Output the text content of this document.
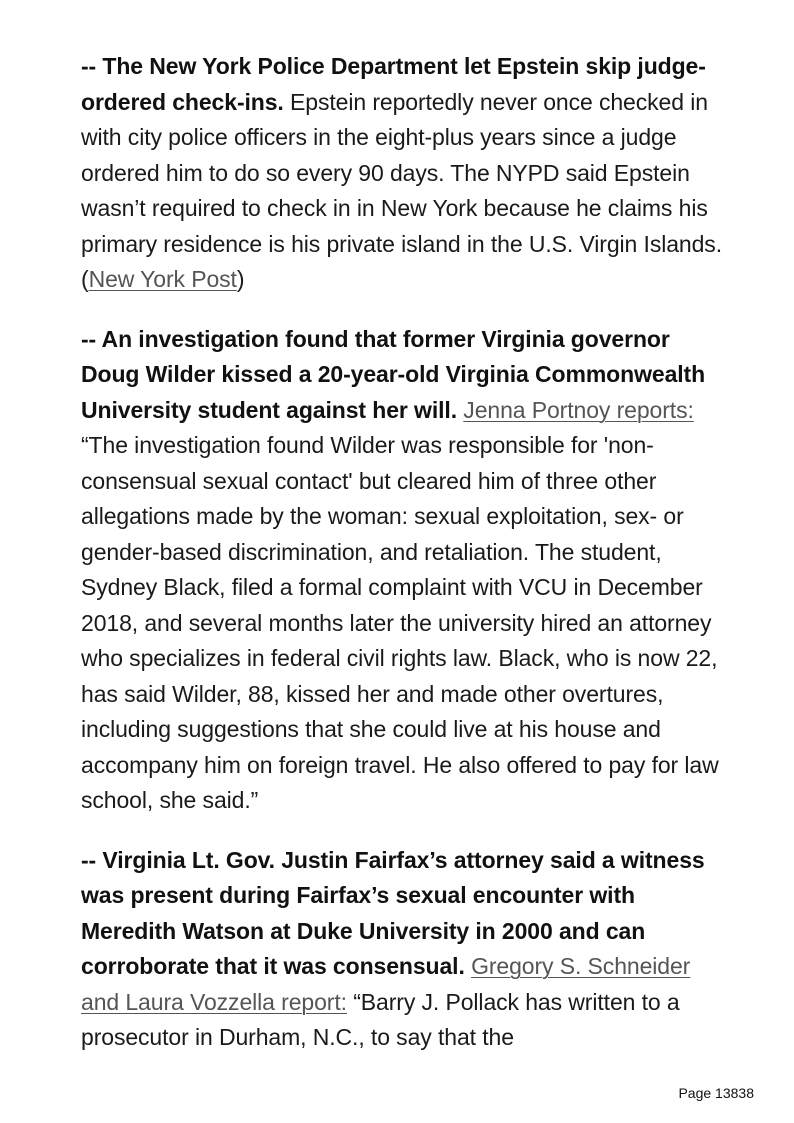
-- The New York Police Department let Epstein skip judge-ordered check-ins. Epstein reportedly never once checked in with city police officers in the eight-plus years since a judge ordered him to do so every 90 days. The NYPD said Epstein wasn’t required to check in in New York because he claims his primary residence is his private island in the U.S. Virgin Islands. (New York Post)

-- An investigation found that former Virginia governor Doug Wilder kissed a 20-year-old Virginia Commonwealth University student against her will. Jenna Portnoy reports: “The investigation found Wilder was responsible for 'non-consensual sexual contact' but cleared him of three other allegations made by the woman: sexual exploitation, sex- or gender-based discrimination, and retaliation. The student, Sydney Black, filed a formal complaint with VCU in December 2018, and several months later the university hired an attorney who specializes in federal civil rights law. Black, who is now 22, has said Wilder, 88, kissed her and made other overtures, including suggestions that she could live at his house and accompany him on foreign travel. He also offered to pay for law school, she said.”

-- Virginia Lt. Gov. Justin Fairfax’s attorney said a witness was present during Fairfax’s sexual encounter with Meredith Watson at Duke University in 2000 and can corroborate that it was consensual. Gregory S. Schneider and Laura Vozzella report: “Barry J. Pollack has written to a prosecutor in Durham, N.C., to say that the

Page 13838
